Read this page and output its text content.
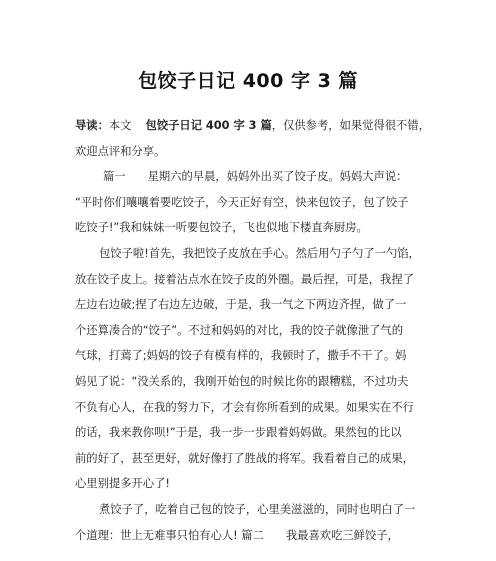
包饺子日记 400 字 3 篇
导读：本文 包饺子日记 400 字 3 篇，仅供参考，如果觉得很不错，
欢迎点评和分享。
篇一 星期六的早晨，妈妈外出买了饺子皮。妈妈大声说：
“平时你们嚷嚷着要吃饺子，今天正好有空，快来包饺子，包了饺子
吃饺子!”我和妹妹一听要包饺子，飞也似地下楼直奔厨房。
包饺子啦!首先，我把饺子皮放在手心。然后用勺子勺了一勺馅，
放在饺子皮上。接着沾点水在饺子皮的外圈。最后捏，可是，我捏了
左边右边破;捏了右边左边破，于是，我一气之下两边齐捏，做了一
个还算凑合的“饺子”。不过和妈妈的对比，我的饺子就像泄了气的
气球，打蔫了;妈妈的饺子有模有样的，我顿时了，撒手不干了。妈
妈见了说：“没关系的，我刚开始包的时候比你的跟糟糕，不过功夫
不负有心人，在我的努力下，才会有你所看到的成果。如果实在不行
的话，我来教你呗!”于是，我一步一步跟着妈妈做。果然包的比以
前的好了，甚至更好，就好像打了胜战的将军。我看着自己的成果，
心里别提多开心了!
煮饺子了，吃着自己包的饺子，心里美滋滋的，同时也明白了一
个道理：世上无难事只怕有心人! 篇二 我最喜欢吃三鲜饺子，
